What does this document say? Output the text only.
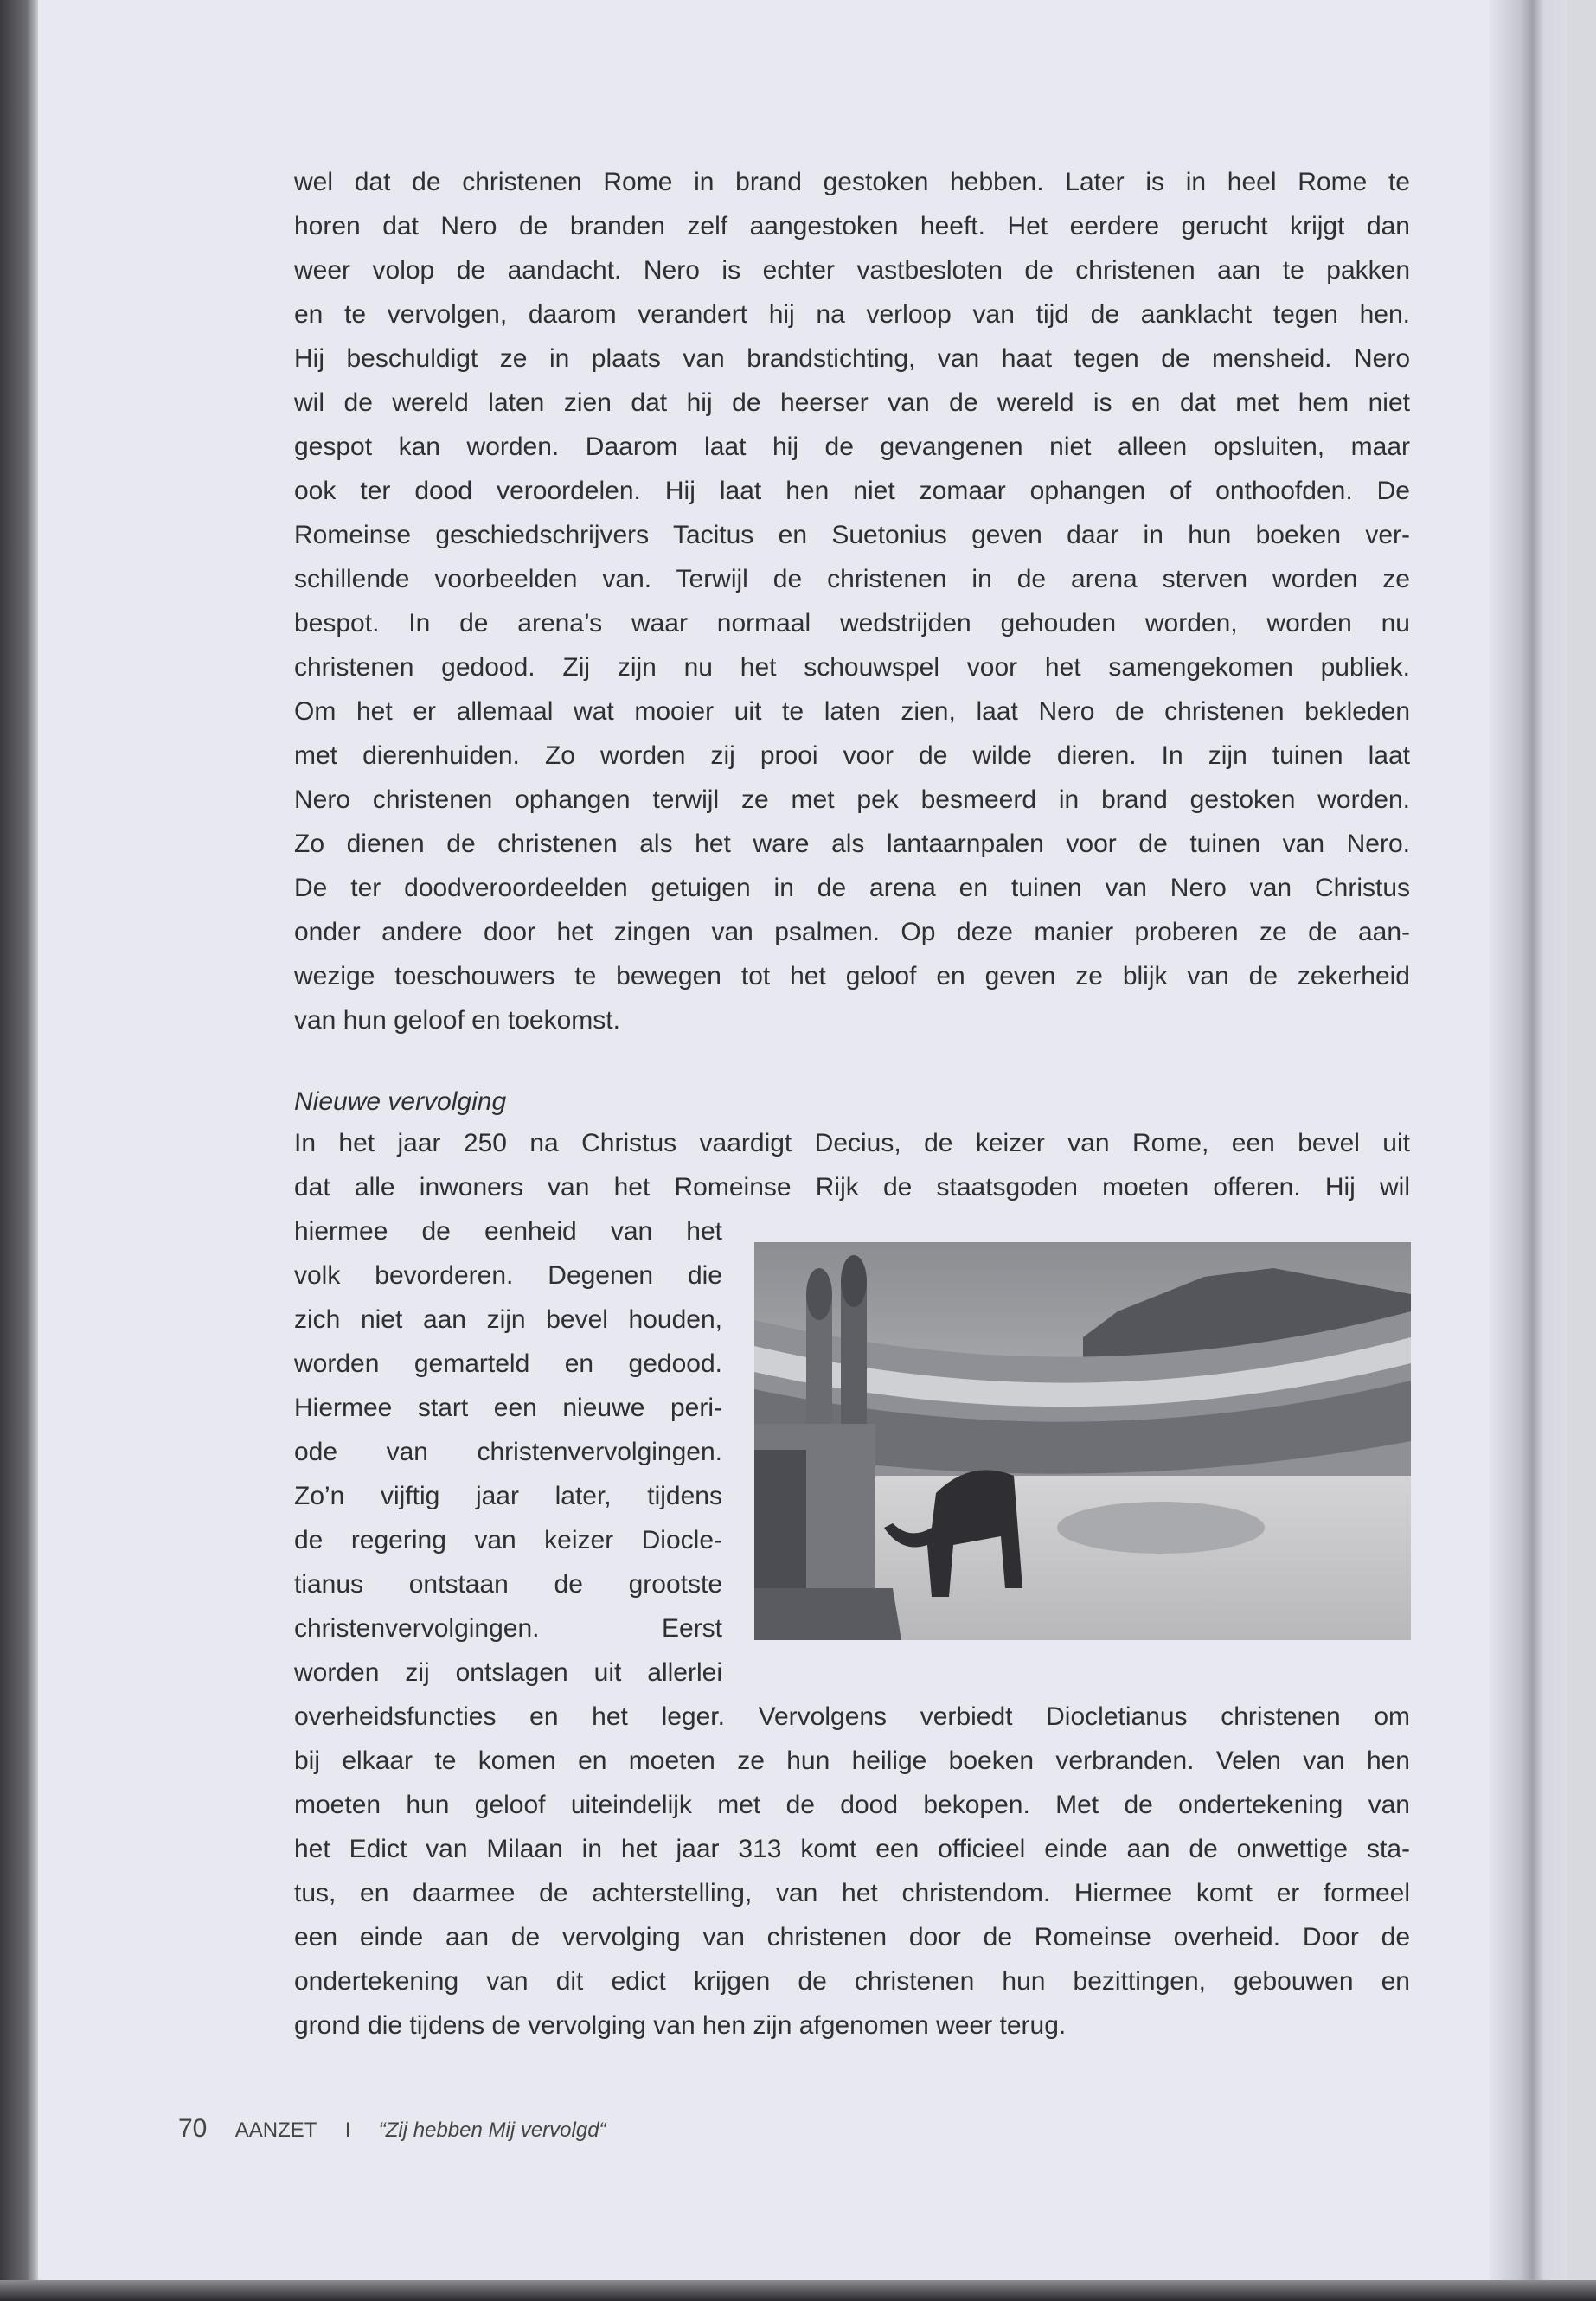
wel dat de christenen Rome in brand gestoken hebben. Later is in heel Rome te
horen dat Nero de branden zelf aangestoken heeft. Het eerdere gerucht krijgt dan
weer volop de aandacht. Nero is echter vastbesloten de christenen aan te pakken
en te vervolgen, daarom verandert hij na verloop van tijd de aanklacht tegen hen.
Hij beschuldigt ze in plaats van brandstichting, van haat tegen de mensheid. Nero
wil de wereld laten zien dat hij de heerser van de wereld is en dat met hem niet
gespot kan worden. Daarom laat hij de gevangenen niet alleen opsluiten, maar
ook ter dood veroordelen. Hij laat hen niet zomaar ophangen of onthoofden. De
Romeinse geschiedschrijvers Tacitus en Suetonius geven daar in hun boeken ver-
schillende voorbeelden van. Terwijl de christenen in de arena sterven worden ze
bespot. In de arena’s waar normaal wedstrijden gehouden worden, worden nu
christenen gedood. Zij zijn nu het schouwspel voor het samengekomen publiek.
Om het er allemaal wat mooier uit te laten zien, laat Nero de christenen bekleden
met dierenhuiden. Zo worden zij prooi voor de wilde dieren. In zijn tuinen laat
Nero christenen ophangen terwijl ze met pek besmeerd in brand gestoken worden.
Zo dienen de christenen als het ware als lantaarnpalen voor de tuinen van Nero.
De ter doodveroordeelden getuigen in de arena en tuinen van Nero van Christus
onder andere door het zingen van psalmen. Op deze manier proberen ze de aan-
wezige toeschouwers te bewegen tot het geloof en geven ze blijk van de zekerheid
van hun geloof en toekomst.
Nieuwe vervolging
In het jaar 250 na Christus vaardigt Decius, de keizer van Rome, een bevel uit
dat alle inwoners van het Romeinse Rijk de staatsgoden moeten offeren. Hij wil
hiermee de eenheid van het
volk bevorderen. Degenen die
zich niet aan zijn bevel houden,
worden gemarteld en gedood.
Hiermee start een nieuwe peri-
ode van christenvervolgingen.
Zo’n vijftig jaar later, tijdens
de regering van keizer Diocle-
tianus ontstaan de grootste
christenvervolgingen. Eerst
worden zij ontslagen uit allerlei
overheidsfuncties en het leger. Vervolgens verbiedt Diocletianus christenen om
bij elkaar te komen en moeten ze hun heilige boeken verbranden. Velen van hen
moeten hun geloof uiteindelijk met de dood bekopen. Met de ondertekening van
het Edict van Milaan in het jaar 313 komt een officieel einde aan de onwettige sta-
tus, en daarmee de achterstelling, van het christendom. Hiermee komt er formeel
een einde aan de vervolging van christenen door de Romeinse overheid. Door de
ondertekening van dit edict krijgen de christenen hun bezittingen, gebouwen en
grond die tijdens de vervolging van hen zijn afgenomen weer terug.
70 AANZET I “Zij hebben Mij vervolgd“
